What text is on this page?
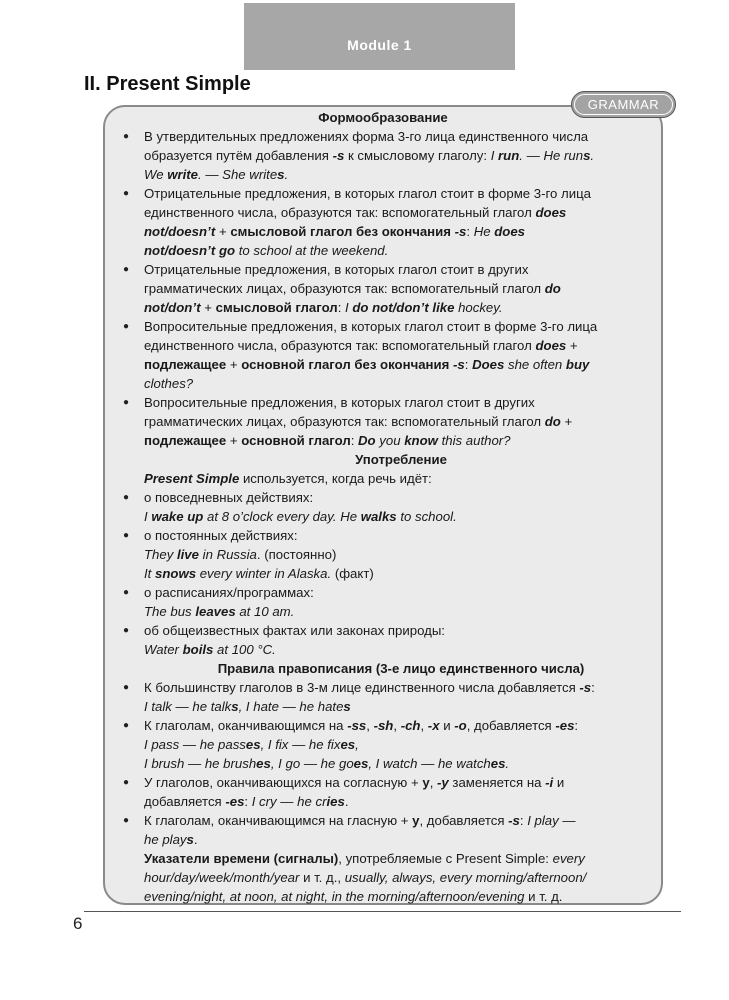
Module 1
II. Present Simple
GRAMMAR
Формообразование
● В утвердительных предложениях форма 3-го лица единственного числа
образуется путём добавления -s к смысловому глаголу: I run. — He runs.
We write. — She writes.
● Отрицательные предложения, в которых глагол стоит в форме 3-го лица
единственного числа, образуются так: вспомогательный глагол does
not/doesn’t + смысловой глагол без окончания -s: He does
not/doesn’t go to school at the weekend.
● Отрицательные предложения, в которых глагол стоит в других
грамматических лицах, образуются так: вспомогательный глагол do
not/don’t + смысловой глагол: I do not/don’t like hockey.
● Вопросительные предложения, в которых глагол стоит в форме 3-го лица
единственного числа, образуются так: вспомогательный глагол does +
подлежащее + основной глагол без окончания -s: Does she often buy
clothes?
● Вопросительные предложения, в которых глагол стоит в других
грамматических лицах, образуются так: вспомогательный глагол do +
подлежащее + основной глагол: Do you know this author?
Употребление
Present Simple используется, когда речь идёт:
● о повседневных действиях:
I wake up at 8 o’clock every day. He walks to school.
● о постоянных действиях:
They live in Russia. (постоянно)
It snows every winter in Alaska. (факт)
● о расписаниях/программах:
The bus leaves at 10 am.
● об общеизвестных фактах или законах природы:
Water boils at 100 °C.
Правила правописания (3-е лицо единственного числа)
● К большинству глаголов в 3-м лице единственного числа добавляется -s:
I talk — he talks, I hate — he hates
● К глаголам, оканчивающимся на -ss, -sh, -ch, -x и -o, добавляется -es:
I pass — he passes, I fix — he fixes,
I brush — he brushes, I go — he goes, I watch — he watches.
● У глаголов, оканчивающихся на согласную + y, -y заменяется на -i и
добавляется -es: I cry — he cries.
● К глаголам, оканчивающимся на гласную + y, добавляется -s: I play —
he plays.
Указатели времени (сигналы), употребляемые с Present Simple: every
hour/day/week/month/year и т. д., usually, always, every morning/afternoon/
evening/night, at noon, at night, in the morning/afternoon/evening и т. д.
6
